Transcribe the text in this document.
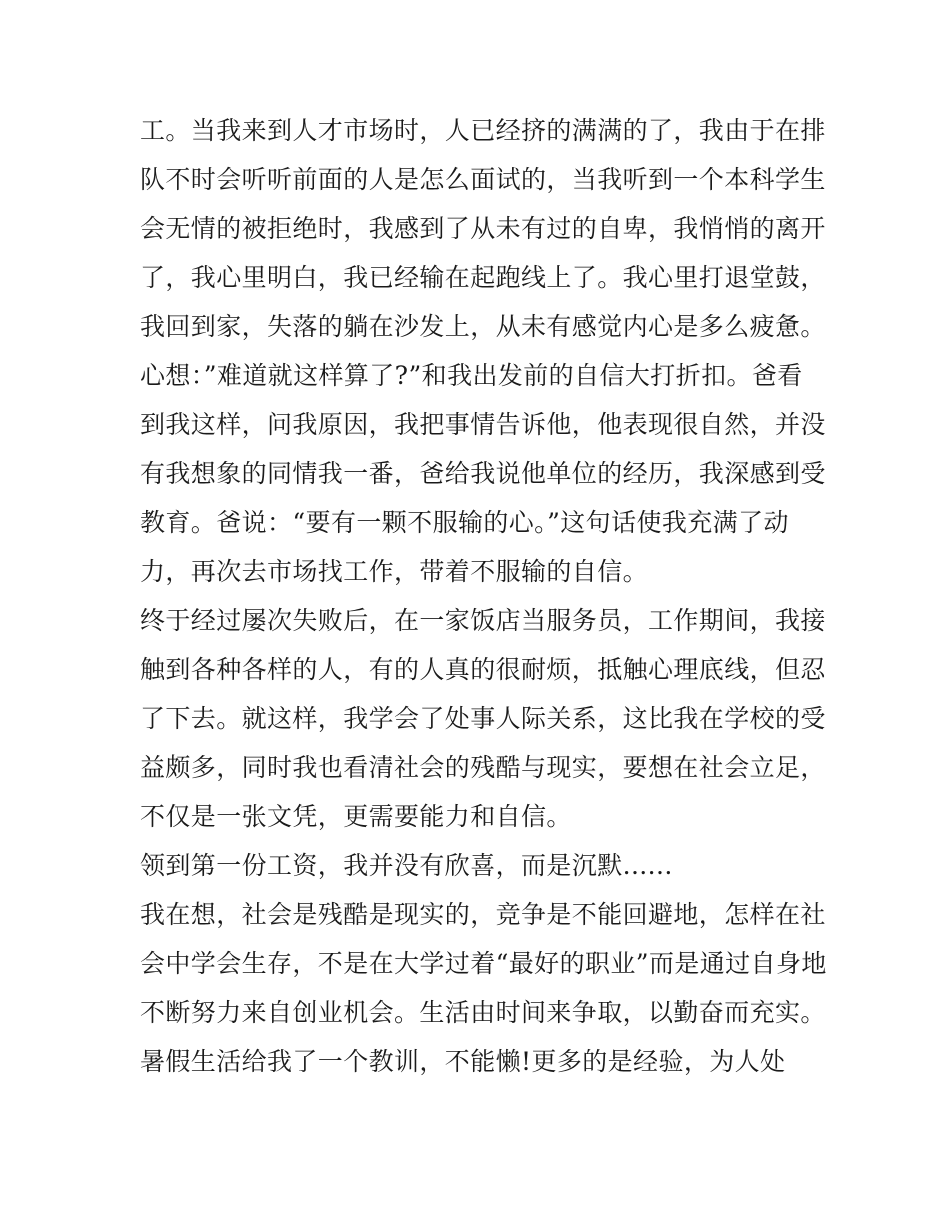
工。当我来到人才市场时，人已经挤的满满的了，我由于在排
队不时会听听前面的人是怎么面试的，当我听到一个本科学生
会无情的被拒绝时，我感到了从未有过的自卑，我悄悄的离开
了，我心里明白，我已经输在起跑线上了。我心里打退堂鼓，
我回到家，失落的躺在沙发上，从未有感觉内心是多么疲惫。
心想：”难道就这样算了?”和我出发前的自信大打折扣。爸看
到我这样，问我原因，我把事情告诉他，他表现很自然，并没
有我想象的同情我一番，爸给我说他单位的经历，我深感到受
教育。爸说：“要有一颗不服输的心。”这句话使我充满了动
力，再次去市场找工作，带着不服输的自信。
终于经过屡次失败后，在一家饭店当服务员，工作期间，我接
触到各种各样的人，有的人真的很耐烦，抵触心理底线，但忍
了下去。就这样，我学会了处事人际关系，这比我在学校的受
益颇多，同时我也看清社会的残酷与现实，要想在社会立足，
不仅是一张文凭，更需要能力和自信。
领到第一份工资，我并没有欣喜，而是沉默......
我在想，社会是残酷是现实的，竞争是不能回避地，怎样在社
会中学会生存，不是在大学过着“最好的职业”而是通过自身地
不断努力来自创业机会。生活由时间来争取，以勤奋而充实。
暑假生活给我了一个教训，不能懒!更多的是经验，为人处
